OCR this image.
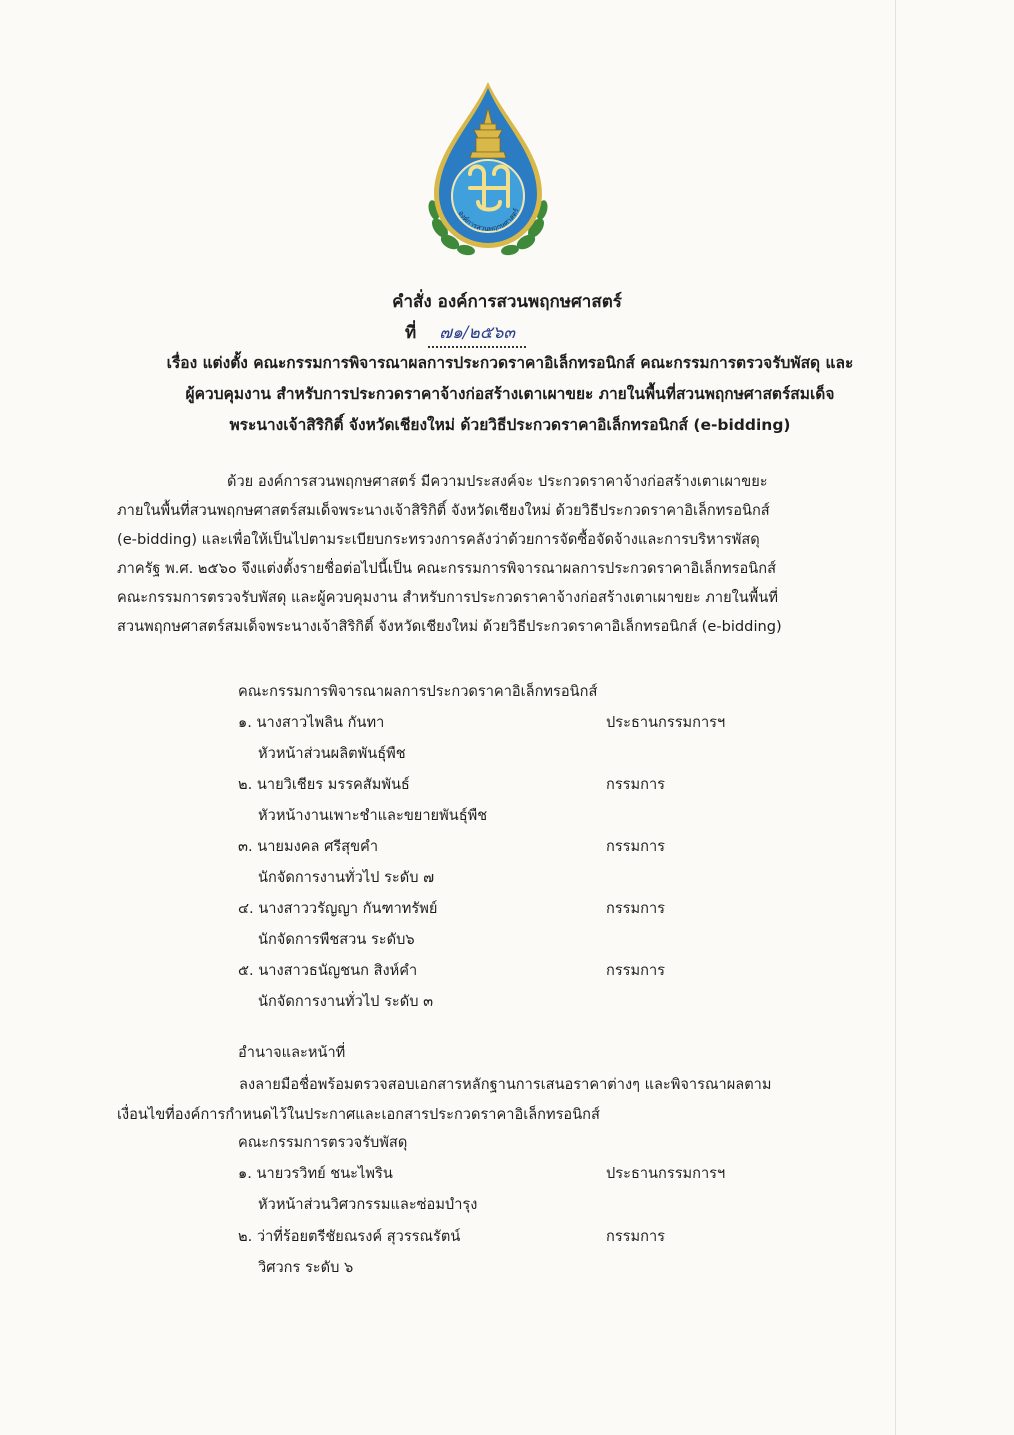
องค์การสวนพฤกษศาสตร์
คำสั่ง องค์การสวนพฤกษศาสตร์
ที่ ๗๑/๒๕๖๓
เรื่อง แต่งตั้ง คณะกรรมการพิจารณาผลการประกวดราคาอิเล็กทรอนิกส์ คณะกรรมการตรวจรับพัสดุ และ
ผู้ควบคุมงาน สำหรับการประกวดราคาจ้างก่อสร้างเตาเผาขยะ ภายในพื้นที่สวนพฤกษศาสตร์สมเด็จ
พระนางเจ้าสิริกิติ์ จังหวัดเชียงใหม่ ด้วยวิธีประกวดราคาอิเล็กทรอนิกส์ (e-bidding)
ด้วย องค์การสวนพฤกษศาสตร์ มีความประสงค์จะ ประกวดราคาจ้างก่อสร้างเตาเผาขยะ
ภายในพื้นที่สวนพฤกษศาสตร์สมเด็จพระนางเจ้าสิริกิติ์ จังหวัดเชียงใหม่ ด้วยวิธีประกวดราคาอิเล็กทรอนิกส์
(e-bidding) และเพื่อให้เป็นไปตามระเบียบกระทรวงการคลังว่าด้วยการจัดซื้อจัดจ้างและการบริหารพัสดุ
ภาครัฐ พ.ศ. ๒๕๖๐ จึงแต่งตั้งรายชื่อต่อไปนี้เป็น คณะกรรมการพิจารณาผลการประกวดราคาอิเล็กทรอนิกส์
คณะกรรมการตรวจรับพัสดุ และผู้ควบคุมงาน สำหรับการประกวดราคาจ้างก่อสร้างเตาเผาขยะ ภายในพื้นที่
สวนพฤกษศาสตร์สมเด็จพระนางเจ้าสิริกิติ์ จังหวัดเชียงใหม่ ด้วยวิธีประกวดราคาอิเล็กทรอนิกส์ (e-bidding)
คณะกรรมการพิจารณาผลการประกวดราคาอิเล็กทรอนิกส์
๑. นางสาวไพลิน กันทา	ประธานกรรมการฯ
หัวหน้าส่วนผลิตพันธุ์พืช
๒. นายวิเชียร มรรคสัมพันธ์	กรรมการ
หัวหน้างานเพาะชำและขยายพันธุ์พืช
๓. นายมงคล ศรีสุขคำ	กรรมการ
นักจัดการงานทั่วไป ระดับ ๗
๔. นางสาววรัญญา กันฑาทรัพย์	กรรมการ
นักจัดการพืชสวน ระดับ๖
๕. นางสาวธนัญชนก สิงห์คำ	กรรมการ
นักจัดการงานทั่วไป ระดับ ๓
อำนาจและหน้าที่
ลงลายมือชื่อพร้อมตรวจสอบเอกสารหลักฐานการเสนอราคาต่างๆ และพิจารณาผลตาม
เงื่อนไขที่องค์การกำหนดไว้ในประกาศและเอกสารประกวดราคาอิเล็กทรอนิกส์
คณะกรรมการตรวจรับพัสดุ
๑. นายวรวิทย์ ชนะไพริน	ประธานกรรมการฯ
หัวหน้าส่วนวิศวกรรมและซ่อมบำรุง
๒. ว่าที่ร้อยตรีชัยณรงค์ สุวรรณรัตน์	กรรมการ
วิศวกร ระดับ ๖
